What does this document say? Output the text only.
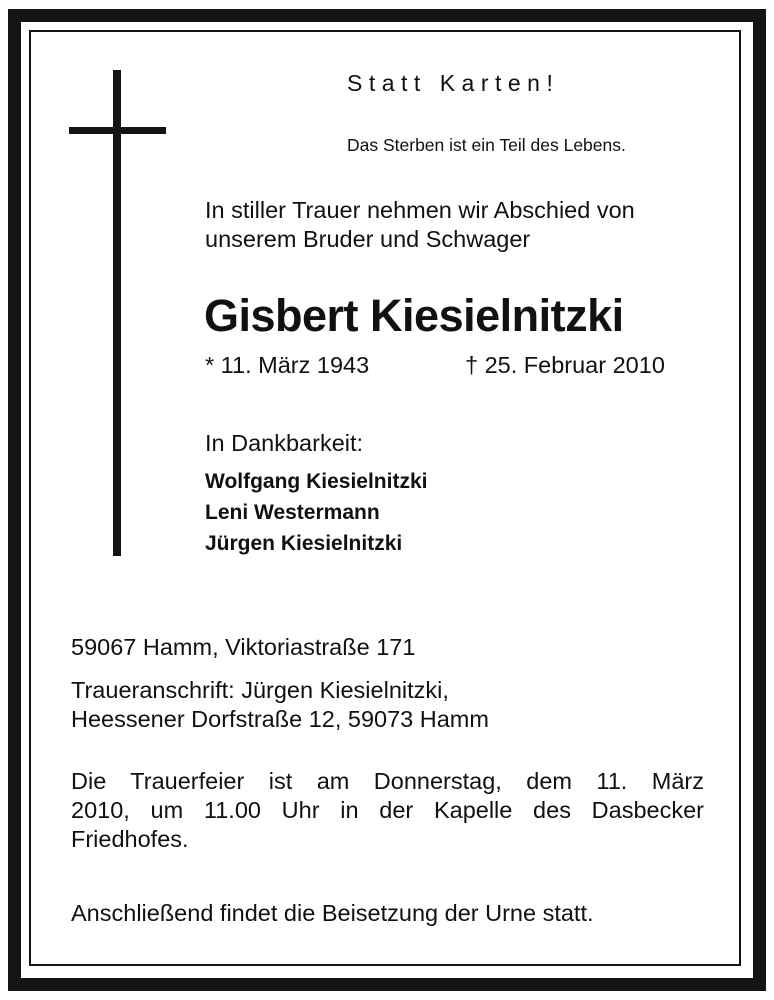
Statt Karten!

Das Sterben ist ein Teil des Lebens.

In stiller Trauer nehmen wir Abschied von
unserem Bruder und Schwager

Gisbert Kiesielnitzki

* 11. März 1943	† 25. Februar 2010

In Dankbarkeit:

Wolfgang Kiesielnitzki
Leni Westermann
Jürgen Kiesielnitzki

59067 Hamm, Viktoriastraße 171

Traueranschrift: Jürgen Kiesielnitzki,
Heessener Dorfstraße 12, 59073 Hamm

Die Trauerfeier ist am Donnerstag, dem 11. März
2010, um 11.00 Uhr in der Kapelle des Dasbecker
Friedhofes.

Anschließend findet die Beisetzung der Urne statt.
